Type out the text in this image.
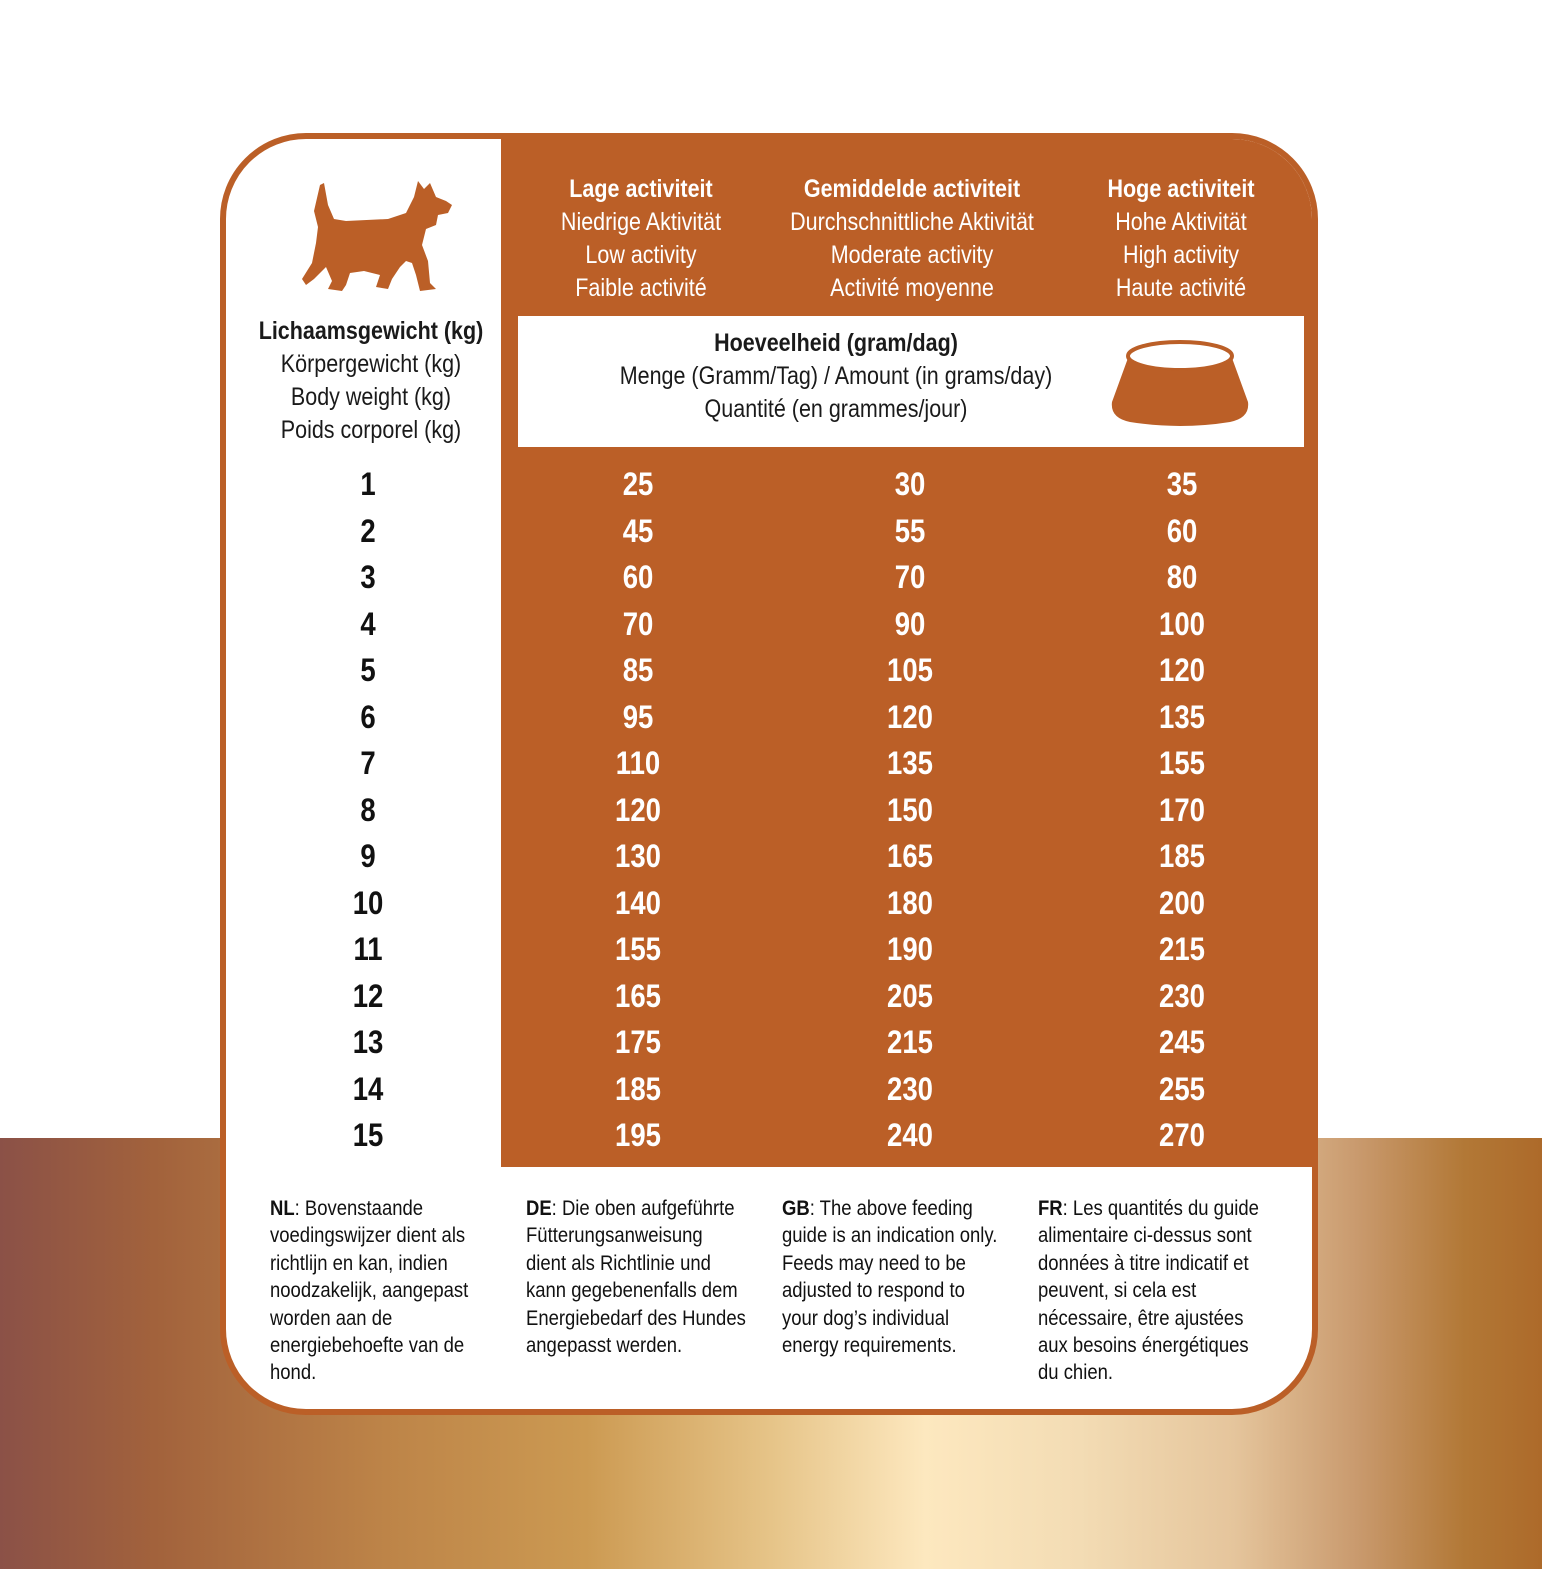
Lage activiteit
Niedrige Aktivität
Low activity
Faible activité
Gemiddelde activiteit
Durchschnittliche Aktivität
Moderate activity
Activité moyenne
Hoge activiteit
Hohe Aktivität
High activity
Haute activité
Lichaamsgewicht (kg)
Körpergewicht (kg)
Body weight (kg)
Poids corporel (kg)
Hoeveelheid (gram/dag)
Menge (Gramm/Tag) / Amount (in grams/day)
Quantité (en grammes/jour)
1	25	30	35
2	45	55	60
3	60	70	80
4	70	90	100
5	85	105	120
6	95	120	135
7	110	135	155
8	120	150	170
9	130	165	185
10	140	180	200
11	155	190	215
12	165	205	230
13	175	215	245
14	185	230	255
15	195	240	270
NL: Bovenstaande
voedingswijzer dient als
richtlijn en kan, indien
noodzakelijk, aangepast
worden aan de
energiebehoefte van de
hond.

DE: Die oben aufgeführte
Fütterungsanweisung
dient als Richtlinie und
kann gegebenenfalls dem
Energiebedarf des Hundes
angepasst werden.

GB: The above feeding
guide is an indication only.
Feeds may need to be
adjusted to respond to
your dog’s individual
energy requirements.

FR: Les quantités du guide
alimentaire ci-dessus sont
données à titre indicatif et
peuvent, si cela est
nécessaire, être ajustées
aux besoins énergétiques
du chien.
